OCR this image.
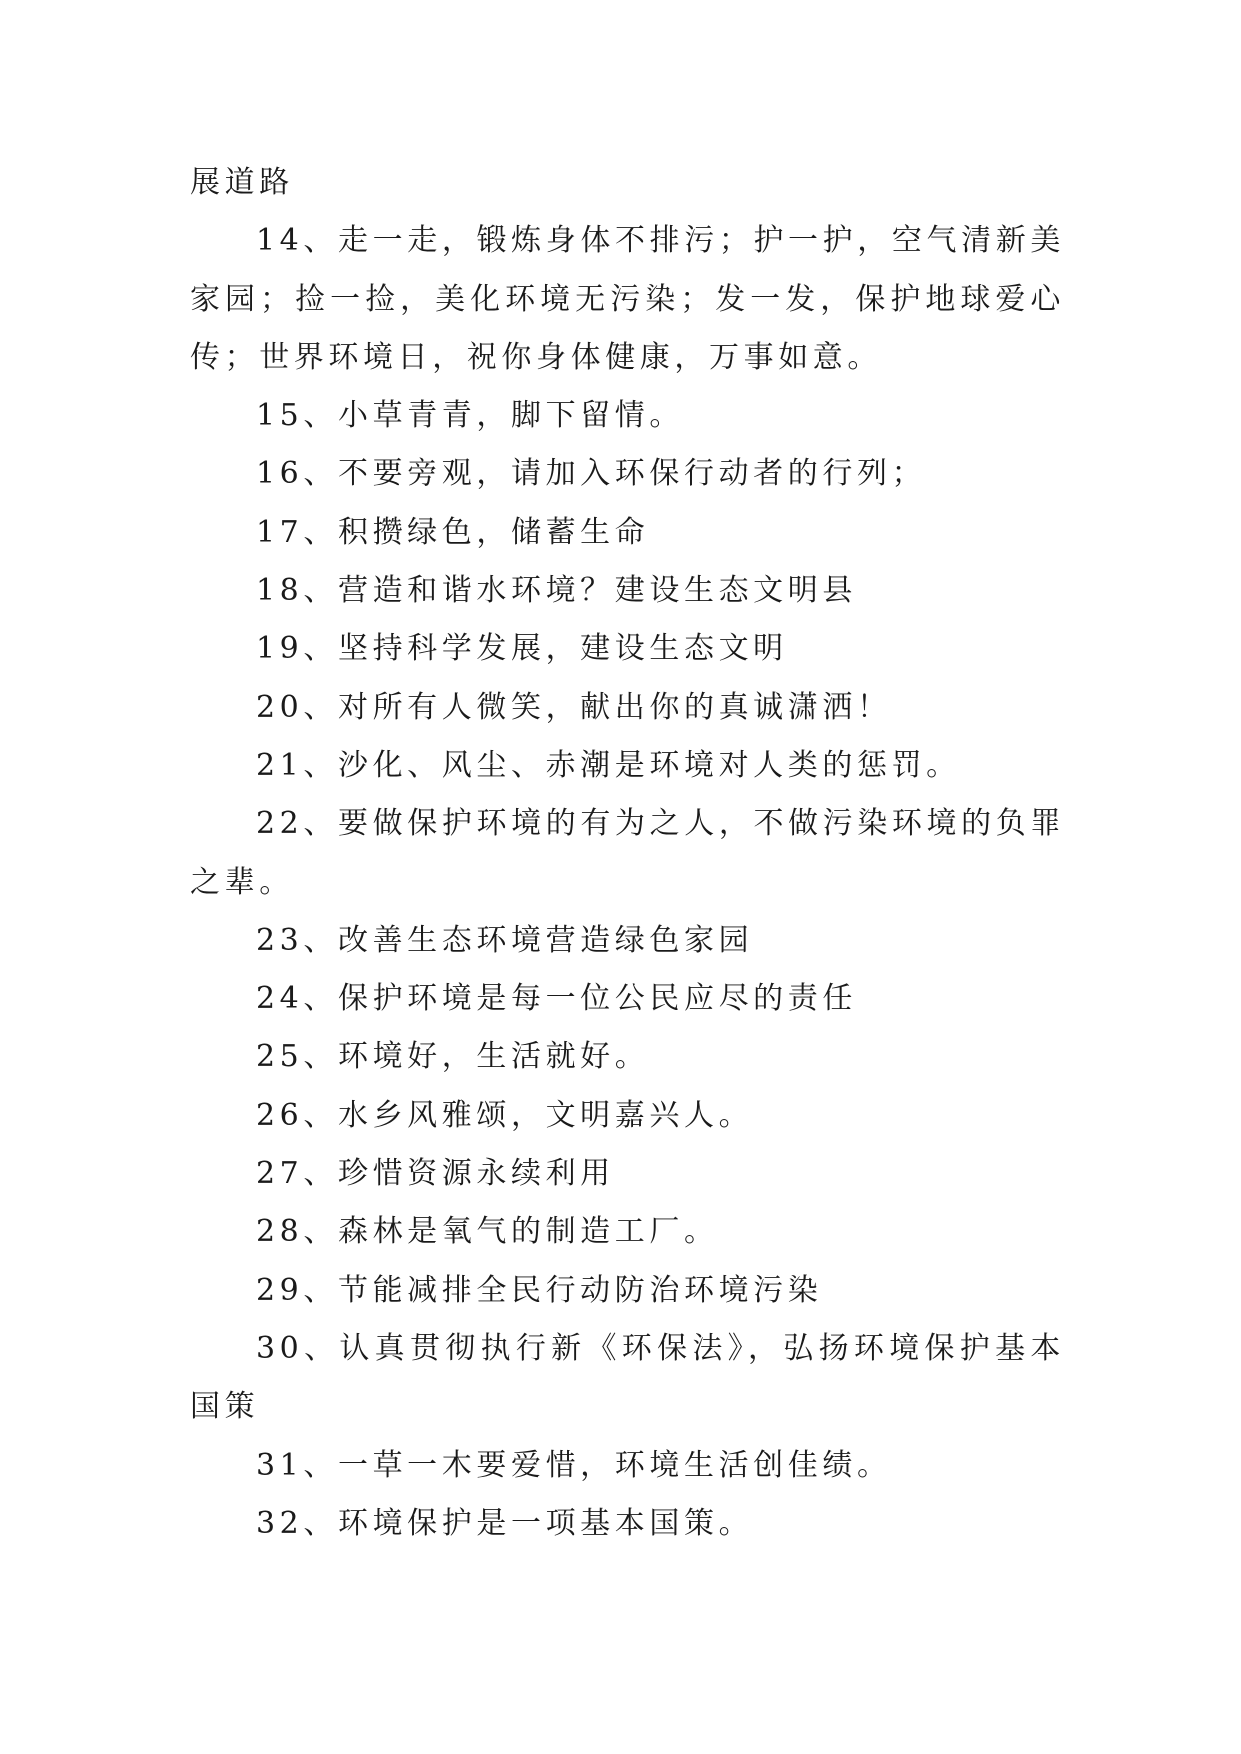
展道路

14、走一走，锻炼身体不排污；护一护，空气清新美家园；捡一捡，美化环境无污染；发一发，保护地球爱心传；世界环境日，祝你身体健康，万事如意。

15、小草青青，脚下留情。

16、不要旁观，请加入环保行动者的行列；

17、积攒绿色，储蓄生命

18、营造和谐水环境？建设生态文明县

19、坚持科学发展，建设生态文明

20、对所有人微笑，献出你的真诚潇洒！

21、沙化、风尘、赤潮是环境对人类的惩罚。

22、要做保护环境的有为之人，不做污染环境的负罪之辈。

23、改善生态环境营造绿色家园

24、保护环境是每一位公民应尽的责任

25、环境好，生活就好。

26、水乡风雅颂，文明嘉兴人。

27、珍惜资源永续利用

28、森林是氧气的制造工厂。

29、节能减排全民行动防治环境污染

30、认真贯彻执行新《环保法》，弘扬环境保护基本国策

31、一草一木要爱惜，环境生活创佳绩。

32、环境保护是一项基本国策。
